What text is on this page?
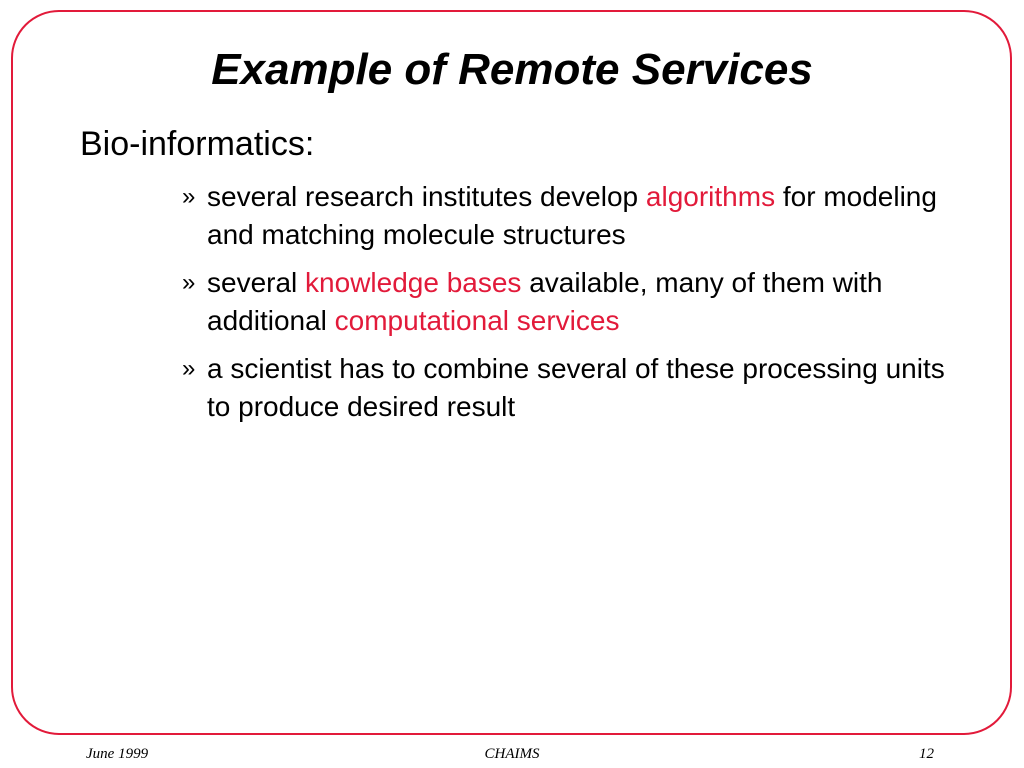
Example of Remote Services
Bio-informatics:
» several research institutes develop algorithms for modeling and matching molecule structures
» several knowledge bases available, many of them with additional computational services
» a scientist has to combine several of these processing units to produce desired result
June 1999	CHAIMS	12
